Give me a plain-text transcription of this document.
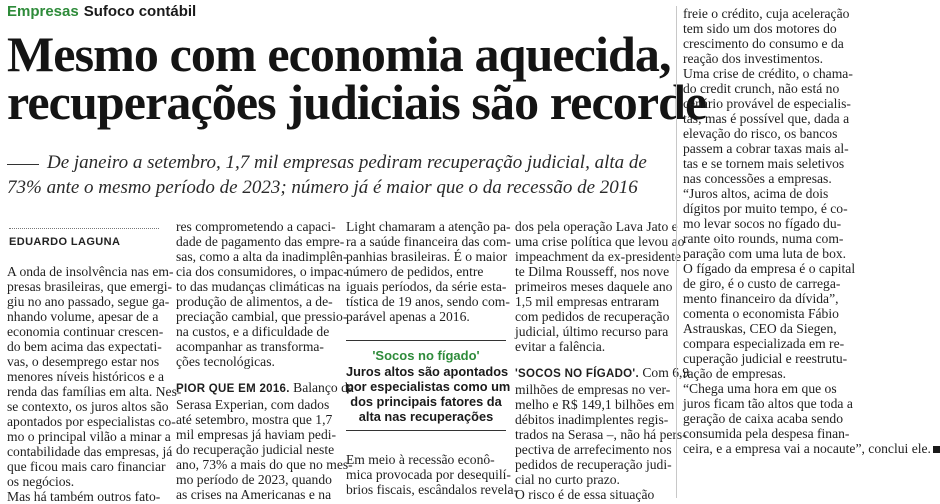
Empresas Sufoco contábil
Mesmo com economia aquecida,
recuperações judiciais são recorde
De janeiro a setembro, 1,7 mil empresas pediram recuperação judicial, alta de
73% ante o mesmo período de 2023; número já é maior que o da recessão de 2016
EDUARDO LAGUNA
A onda de insolvência nas em-
presas brasileiras, que emergi-
giu no ano passado, segue ga-
nhando volume, apesar de a
economia continuar crescen-
do bem acima das expectati-
vas, o desemprego estar nos
menores níveis históricos e a
renda das famílias em alta. Nes-
se contexto, os juros altos são
apontados por especialistas co-
mo o principal vilão a minar a
contabilidade das empresas, já
que ficou mais caro financiar
os negócios.
Mas há também outros fato-
res comprometendo a capaci-
dade de pagamento das empre-
sas, como a alta da inadimplên-
cia dos consumidores, o impac-
to das mudanças climáticas na
produção de alimentos, a de-
preciação cambial, que pressio-
na custos, e a dificuldade de
acompanhar as transforma-
ções tecnológicas.
PIOR QUE EM 2016. Balanço da
Serasa Experian, com dados
até setembro, mostra que 1,7
mil empresas já haviam pedi-
do recuperação judicial neste
ano, 73% a mais do que no mes-
mo período de 2023, quando
as crises na Americanas e na
Light chamaram a atenção pa-
ra a saúde financeira das com-
panhias brasileiras. É o maior
número de pedidos, entre
iguais períodos, da série esta-
tística de 19 anos, sendo com-
parável apenas a 2016.
'Socos no fígado'
Juros altos são apontados
por especialistas como um
dos principais fatores da
alta nas recuperações
Em meio à recessão econô-
mica provocada por desequilí-
brios fiscais, escândalos revela-
dos pela operação Lava Jato e
uma crise política que levou ao
impeachment da ex-presidente
te Dilma Rousseff, nos nove
primeiros meses daquele ano
1,5 mil empresas entraram
com pedidos de recuperação
judicial, último recurso para
evitar a falência.
'SOCOS NO FÍGADO'. Com 6,9
milhões de empresas no ver-
melho e R$ 149,1 bilhões em
débitos inadimplentes regis-
trados na Serasa –, não há pers-
pectiva de arrefecimento nos
pedidos de recuperação judi-
cial no curto prazo.
O risco é de essa situação
freie o crédito, cuja aceleração
tem sido um dos motores do
crescimento do consumo e da
reação dos investimentos.
Uma crise de crédito, o chama-
do credit crunch, não está no
cenário provável de especialis-
tas, mas é possível que, dada a
elevação do risco, os bancos
passem a cobrar taxas mais al-
tas e se tornem mais seletivos
nas concessões a empresas.
“Juros altos, acima de dois
dígitos por muito tempo, é co-
mo levar socos no fígado du-
rante oito rounds, numa com-
paração com uma luta de box.
O fígado da empresa é o capital
de giro, é o custo de carrega-
mento financeiro da dívida”,
comenta o economista Fábio
Astrauskas, CEO da Siegen,
compara especializada em re-
cuperação judicial e reestrutu-
ração de empresas.
“Chega uma hora em que os
juros ficam tão altos que toda a
geração de caixa acaba sendo
consumida pela despesa finan-
ceira, e a empresa vai a nocaute”, conclui ele.
